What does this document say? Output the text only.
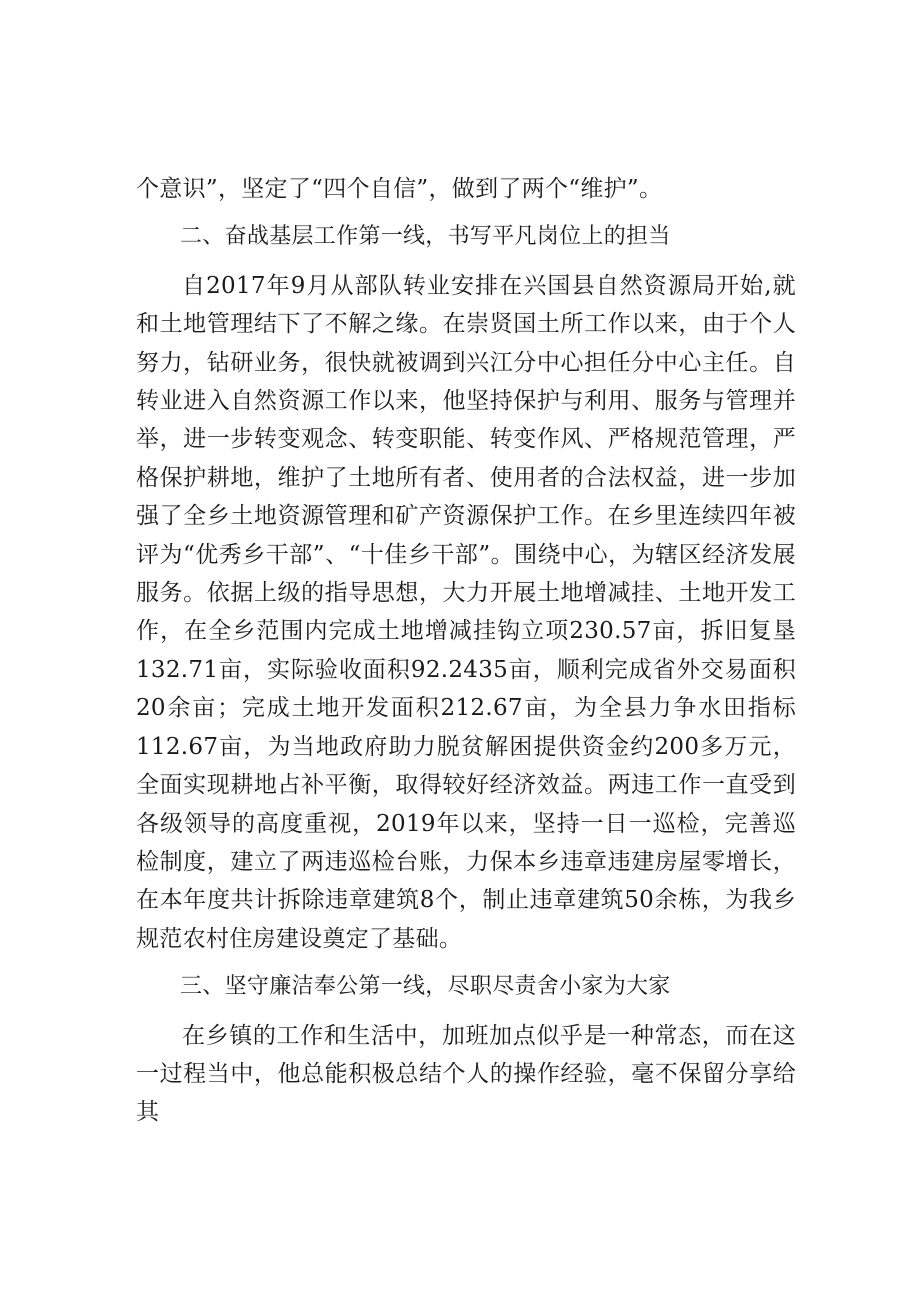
个意识”，坚定了“四个自信”，做到了两个“维护”。

二、奋战基层工作第一线，书写平凡岗位上的担当

自2017年9月从部队转业安排在兴国县自然资源局开始,就和土地管理结下了不解之缘。在崇贤国土所工作以来，由于个人努力，钻研业务，很快就被调到兴江分中心担任分中心主任。自转业进入自然资源工作以来，他坚持保护与利用、服务与管理并举，进一步转变观念、转变职能、转变作风、严格规范管理，严格保护耕地，维护了土地所有者、使用者的合法权益，进一步加强了全乡土地资源管理和矿产资源保护工作。在乡里连续四年被评为“优秀乡干部”、“十佳乡干部”。围绕中心，为辖区经济发展服务。依据上级的指导思想，大力开展土地增减挂、土地开发工作，在全乡范围内完成土地增减挂钩立项230.57亩，拆旧复垦132.71亩，实际验收面积92.2435亩，顺利完成省外交易面积20余亩；完成土地开发面积212.67亩，为全县力争水田指标112.67亩，为当地政府助力脱贫解困提供资金约200多万元，全面实现耕地占补平衡，取得较好经济效益。两违工作一直受到各级领导的高度重视，2019年以来，坚持一日一巡检，完善巡检制度，建立了两违巡检台账，力保本乡违章违建房屋零增长，在本年度共计拆除违章建筑8个，制止违章建筑50余栋，为我乡规范农村住房建设奠定了基础。

三、坚守廉洁奉公第一线，尽职尽责舍小家为大家

在乡镇的工作和生活中，加班加点似乎是一种常态，而在这一过程当中，他总能积极总结个人的操作经验，毫不保留分享给其
